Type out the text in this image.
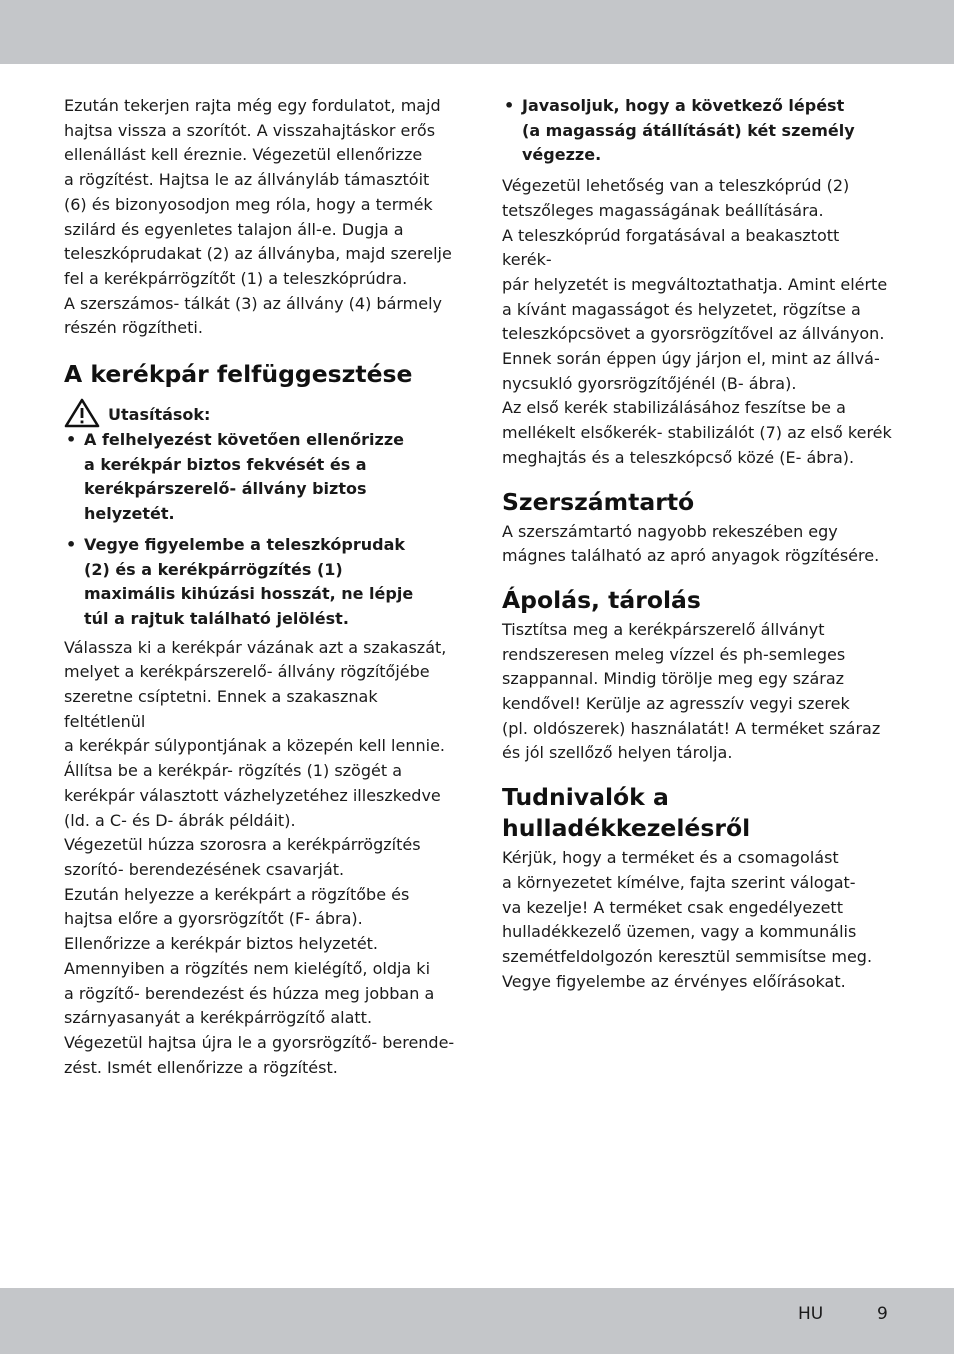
Ezután tekerjen rajta még egy fordulatot, majd
hajtsa vissza a szorítót. A visszahajtáskor erős
ellenállást kell éreznie. Végezetül ellenőrizze
a rögzítést. Hajtsa le az állványláb támasztóit
(6) és bizonyosodjon meg róla, hogy a termék
szilárd és egyenletes talajon áll-e. Dugja a
teleszkóprudakat (2) az állványba, majd szerelje
fel a kerékpárrögzítőt (1) a teleszkóprúdra.
A szerszámos- tálkát (3) az állvány (4) bármely
részén rögzítheti.

A kerékpár felfüggesztése
Utasítások:
• A felhelyezést követően ellenőrizze
a kerékpár biztos fekvését és a
kerékpárszerelő- állvány biztos
helyzetét.
• Vegye figyelembe a teleszkóprudak
(2) és a kerékpárrögzítés (1)
maximális kihúzási hosszát, ne lépje
túl a rajtuk található jelölést.

Válassza ki a kerékpár vázának azt a szakaszát,
melyet a kerékpárszerelő- állvány rögzítőjébe
szeretne csíptetni. Ennek a szakasznak feltétlenül
a kerékpár súlypontjának a közepén kell lennie.
Állítsa be a kerékpár- rögzítés (1) szögét a
kerékpár választott vázhelyzetéhez illeszkedve
(ld. a C- és D- ábrák példáit).
Végezetül húzza szorosra a kerékpárrögzítés
szorító- berendezésének csavarját.
Ezután helyezze a kerékpárt a rögzítőbe és
hajtsa előre a gyorsrögzítőt (F- ábra).
Ellenőrizze a kerékpár biztos helyzetét.
Amennyiben a rögzítés nem kielégítő, oldja ki
a rögzítő- berendezést és húzza meg jobban a
szárnyasanyát a kerékpárrögzítő alatt.
Végezetül hajtsa újra le a gyorsrögzítő- berende-
zést. Ismét ellenőrizze a rögzítést.

• Javasoljuk, hogy a következő lépést
(a magasság átállítását) két személy
végezze.

Végezetül lehetőség van a teleszkóprúd (2)
tetszőleges magasságának beállítására.
A teleszkóprúd forgatásával a beakasztott kerék-
pár helyzetét is megváltoztathatja. Amint elérte
a kívánt magasságot és helyzetet, rögzítse a
teleszkópcsövet a gyorsrögzítővel az állványon.
Ennek során éppen úgy járjon el, mint az állvá-
nycsukló gyorsrögzítőjénél (B- ábra).
Az első kerék stabilizálásához feszítse be a
mellékelt elsőkerék- stabilizálót (7) az első kerék
meghajtás és a teleszkópcső közé (E- ábra).

Szerszámtartó

A szerszámtartó nagyobb rekeszében egy
mágnes található az apró anyagok rögzítésére.

Ápolás, tárolás

Tisztítsa meg a kerékpárszerelő állványt
rendszeresen meleg vízzel és ph-semleges
szappannal. Mindig törölje meg egy száraz
kendővel! Kerülje az agresszív vegyi szerek
(pl. oldószerek) használatát! A terméket száraz
és jól szellőző helyen tárolja.

Tudnivalók a
hulladékkezelésről

Kérjük, hogy a terméket és a csomagolást
a környezetet kímélve, fajta szerint válogat-
va kezelje! A terméket csak engedélyezett
hulladékkezelő üzemen, vagy a kommunális
szemétfeldolgozón keresztül semmisítse meg.
Vegye figyelembe az érvényes előírásokat.

HU	9
